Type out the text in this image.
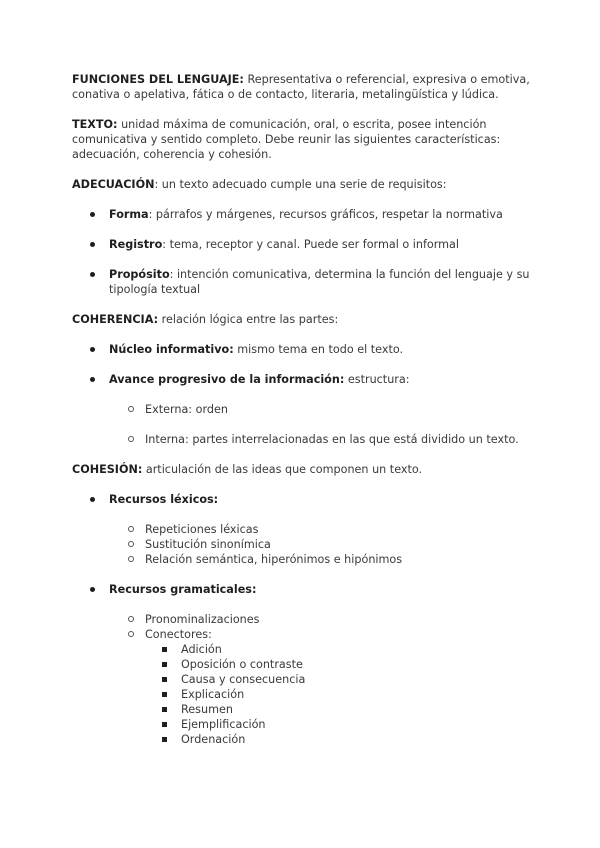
FUNCIONES DEL LENGUAJE: Representativa o referencial, expresiva o emotiva, conativa o apelativa, fática o de contacto, literaria, metalingüística y lúdica.

TEXTO: unidad máxima de comunicación, oral, o escrita, posee intención comunicativa y sentido completo. Debe reunir las siguientes características: adecuación, coherencia y cohesión.

ADECUACIÓN: un texto adecuado cumple una serie de requisitos:

Forma: párrafos y márgenes, recursos gráficos, respetar la normativa

Registro: tema, receptor y canal. Puede ser formal o informal

Propósito: intención comunicativa, determina la función del lenguaje y su tipología textual

COHERENCIA: relación lógica entre las partes:

Núcleo informativo: mismo tema en todo el texto.

Avance progresivo de la información: estructura:

Externa: orden

Interna: partes interrelacionadas en las que está dividido un texto.

COHESIÓN: articulación de las ideas que componen un texto.

Recursos léxicos:

Repeticiones léxicas

Sustitución sinonímica

Relación semántica, hiperónimos e hipónimos

Recursos gramaticales:

Pronominalizaciones

Conectores:

Adición

Oposición o contraste

Causa y consecuencia

Explicación

Resumen

Ejemplificación

Ordenación
